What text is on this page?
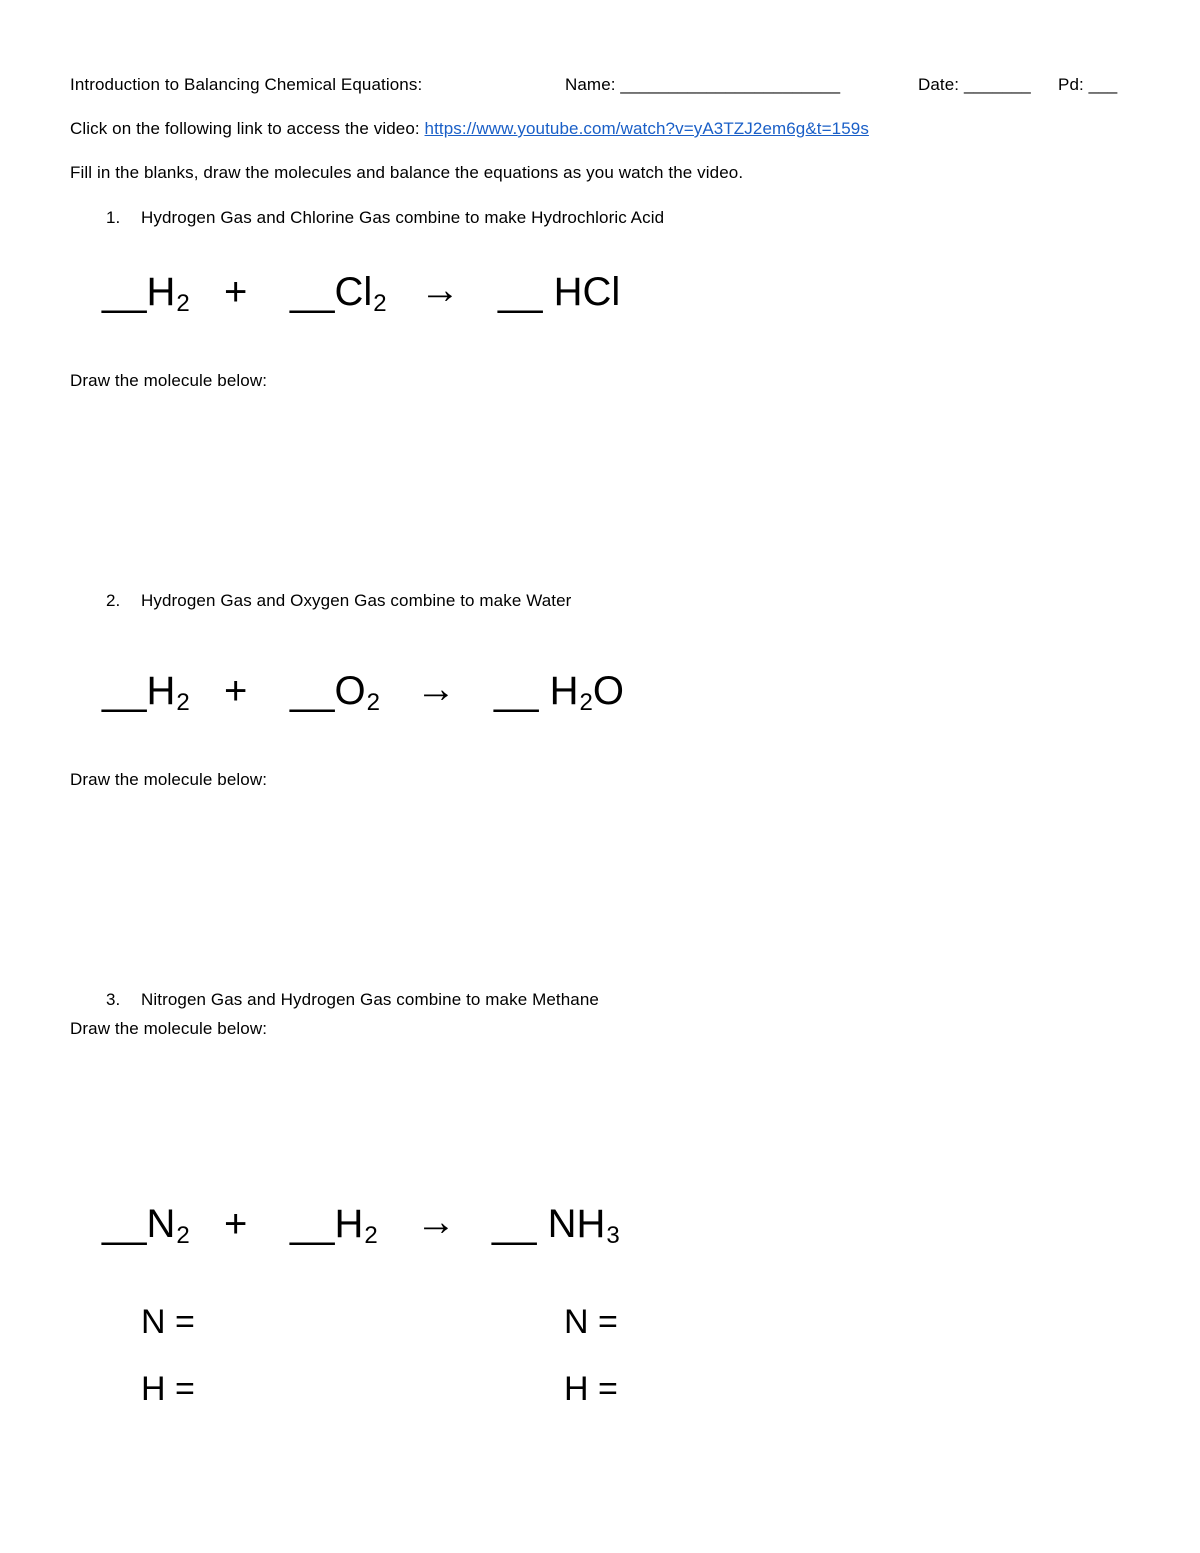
Introduction to Balancing Chemical Equations:	Name: _______________________	Date: _______ Pd: ___
Click on the following link to access the video: https://www.youtube.com/watch?v=yA3TZJ2em6g&t=159s
Fill in the blanks, draw the molecules and balance the equations as you watch the video.
1. Hydrogen Gas and Chlorine Gas combine to make Hydrochloric Acid
$\_\_H_2$ + $\_\_Cl_2$ → __ HCl
Draw the molecule below:
2. Hydrogen Gas and Oxygen Gas combine to make Water
$\_\_H_2$ + $\_\_O_2$ → __ $H_2O$
Draw the molecule below:
3. Nitrogen Gas and Hydrogen Gas combine to make Methane
Draw the molecule below:
$\_\_N_2$ + $\_\_H_2$ → __ $NH_3$
N =
H =
N =
H =
